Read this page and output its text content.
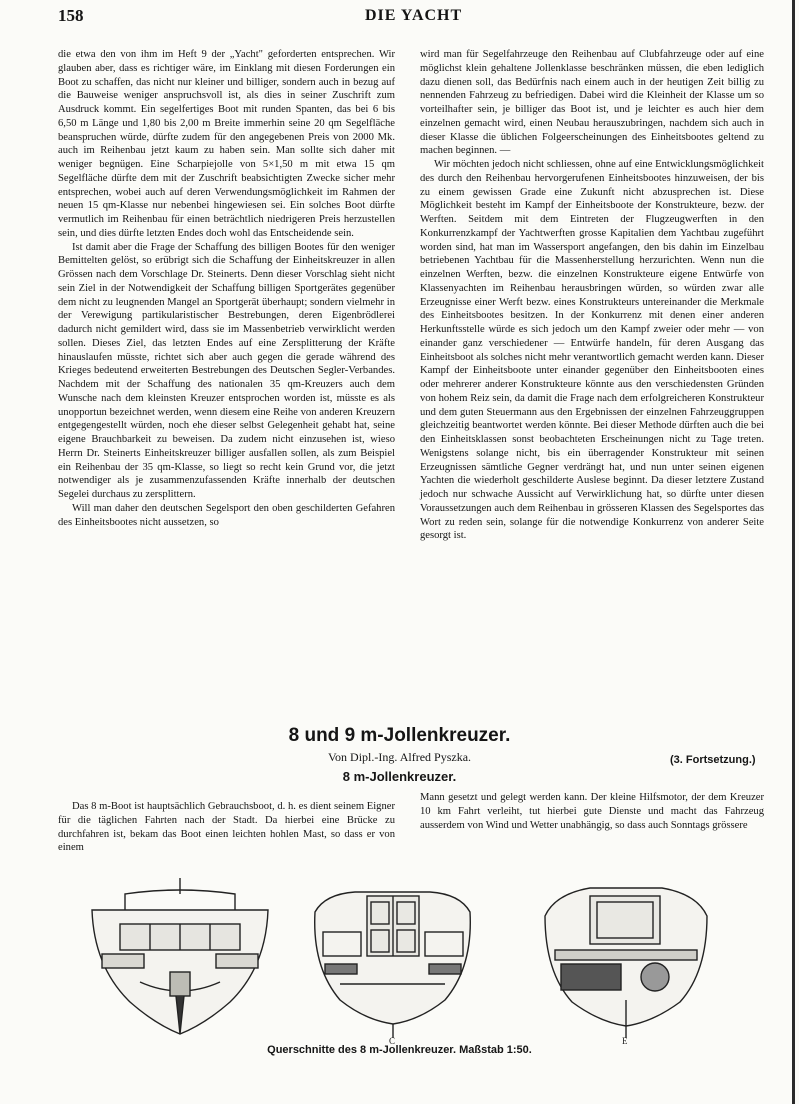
158	DIE YACHT

die etwa den von ihm im Heft 9 der „Yacht" geforderten entsprechen. Wir glauben aber, dass es richtiger wäre, im Einklang mit diesen Forderungen ein Boot zu schaffen, das nicht nur kleiner und billiger, sondern auch in bezug auf die Bauweise weniger anspruchsvoll ist, als dies in seiner Zuschrift zum Ausdruck kommt. Ein segelfertiges Boot mit runden Spanten, das bei 6 bis 6,50 m Länge und 1,80 bis 2,00 m Breite immerhin seine 20 qm Segelfläche beanspruchen würde, dürfte zudem für den angegebenen Preis von 2000 Mk. auch im Reihenbau jetzt kaum zu haben sein. Man sollte sich daher mit weniger begnügen. Eine Scharpiejolle von 5×1,50 m mit etwa 15 qm Segelfläche dürfte dem mit der Zuschrift beabsichtigten Zwecke sicher mehr entsprechen, wobei auch auf deren Verwendungsmöglichkeit im Rahmen der neuen 15 qm-Klasse nur nebenbei hingewiesen sei. Ein solches Boot dürfte vermutlich im Reihenbau für einen beträchtlich niedrigeren Preis herzustellen sein, und dies dürfte letzten Endes doch wohl das Entscheidende sein.

Ist damit aber die Frage der Schaffung des billigen Bootes für den weniger Bemittelten gelöst, so erübrigt sich die Schaffung der Einheitskreuzer in allen Grössen nach dem Vorschlage Dr. Steinerts. Denn dieser Vorschlag sieht nicht sein Ziel in der Notwendigkeit der Schaffung billigen Sportgerätes gegenüber dem nicht zu leugnenden Mangel an Sportgerät überhaupt; sondern vielmehr in der Verewigung partikularistischer Bestrebungen, deren Eigenbrödlerei dadurch nicht gemildert wird, dass sie im Massenbetrieb verwirklicht werden sollen. Dieses Ziel, das letzten Endes auf eine Zersplitterung der Kräfte hinauslaufen müsste, richtet sich aber auch gegen die gerade während des Krieges bedeutend erweiterten Bestrebungen des Deutschen Segler-Verbandes. Nachdem mit der Schaffung des nationalen 35 qm-Kreuzers auch dem Wunsche nach dem kleinsten Kreuzer entsprochen worden ist, müsste es als unopportun bezeichnet werden, wenn diesem eine Reihe von anderen Kreuzern entgegengestellt würden, noch ehe dieser selbst Gelegenheit gehabt hat, seine eigene Brauchbarkeit zu beweisen. Da zudem nicht einzusehen ist, wieso Herrn Dr. Steinerts Einheitskreuzer billiger ausfallen sollen, als zum Beispiel ein Reihenbau der 35 qm-Klasse, so liegt so recht kein Grund vor, die jetzt notwendiger als je zusammenzufassenden Kräfte innerhalb der deutschen Segelei durchaus zu zersplittern.

Will man daher den deutschen Segelsport den oben geschilderten Gefahren des Einheitsbootes nicht aussetzen, so

wird man für Segelfahrzeuge den Reihenbau auf Clubfahrzeuge oder auf eine möglichst klein gehaltene Jollenklasse beschränken müssen, die eben lediglich dazu dienen soll, das Bedürfnis nach einem auch in der heutigen Zeit billig zu nennenden Fahrzeug zu befriedigen. Dabei wird die Kleinheit der Klasse um so vorteilhafter sein, je billiger das Boot ist, und je leichter es auch hier dem einzelnen gemacht wird, einen Neubau herauszubringen, nachdem sich auch in dieser Klasse die üblichen Folgeerscheinungen des Einheitsbootes geltend zu machen beginnen. —

Wir möchten jedoch nicht schliessen, ohne auf eine Entwicklungsmöglichkeit des durch den Reihenbau hervorgerufenen Einheitsbootes hinzuweisen, der bis zu einem gewissen Grade eine Zukunft nicht abzusprechen ist. Diese Möglichkeit besteht im Kampf der Einheitsboote der Konstrukteure, bezw. der Werften. Seitdem mit dem Eintreten der Flugzeugwerften in den Konkurrenzkampf der Yachtwerften grosse Kapitalien dem Yachtbau zugeführt worden sind, hat man im Wassersport angefangen, den bis dahin im Einzelbau betriebenen Yachtbau für die Massenherstellung herzurichten. Wenn nun die einzelnen Werften, bezw. die einzelnen Konstrukteure eigene Entwürfe von Klassenyachten im Reihenbau herausbringen würden, so würden zwar alle Erzeugnisse einer Werft bezw. eines Konstrukteurs untereinander die Merkmale des Einheitsbootes besitzen. In der Konkurrenz mit denen einer anderen Herkunftsstelle würde es sich jedoch um den Kampf zweier oder mehr — von einander ganz verschiedener — Entwürfe handeln, für deren Ausgang das Einheitsboot als solches nicht mehr verantwortlich gemacht werden kann. Dieser Kampf der Einheitsboote unter einander gegenüber den Einheitsbooten eines oder mehrerer anderer Konstrukteure könnte aus den verschiedensten Gründen von hohem Reiz sein, da damit die Frage nach dem erfolgreicheren Konstrukteur und dem guten Steuermann aus den Ergebnissen der einzelnen Fahrzeuggruppen gleichzeitig beantwortet werden könnte. Bei dieser Methode dürften auch die bei den Einheitsklassen sonst beobachteten Erscheinungen nicht zu Tage treten. Wenigstens solange nicht, bis ein überragender Konstrukteur mit seinen Erzeugnissen sämtliche Gegner verdrängt hat, und nun unter seinen eigenen Yachten die wiederholt geschilderte Auslese beginnt. Da dieser letztere Zustand jedoch nur schwache Aussicht auf Verwirklichung hat, so dürfte unter diesen Voraussetzungen auch dem Reihenbau in grösseren Klassen des Segelsportes das Wort zu reden sein, solange für die notwendige Konkurrenz von anderer Seite gesorgt ist.

8 und 9 m-Jollenkreuzer.
Von Dipl.-Ing. Alfred Pyszka.	(3. Fortsetzung.)
8 m-Jollenkreuzer.

Das 8 m-Boot ist hauptsächlich Gebrauchsboot, d. h. es dient seinem Eigner für die täglichen Fahrten nach der Stadt. Da hierbei eine Brücke zu durchfahren ist, bekam das Boot einen leichten hohlen Mast, so dass er von einem

Mann gesetzt und gelegt werden kann. Der kleine Hilfsmotor, der dem Kreuzer 10 km Fahrt verleiht, tut hierbei gute Dienste und macht das Fahrzeug ausserdem von Wind und Wetter unabhängig, so dass auch Sonntags grössere

C	E
Querschnitte des 8 m-Jollenkreuzer. Maßstab 1:50.
